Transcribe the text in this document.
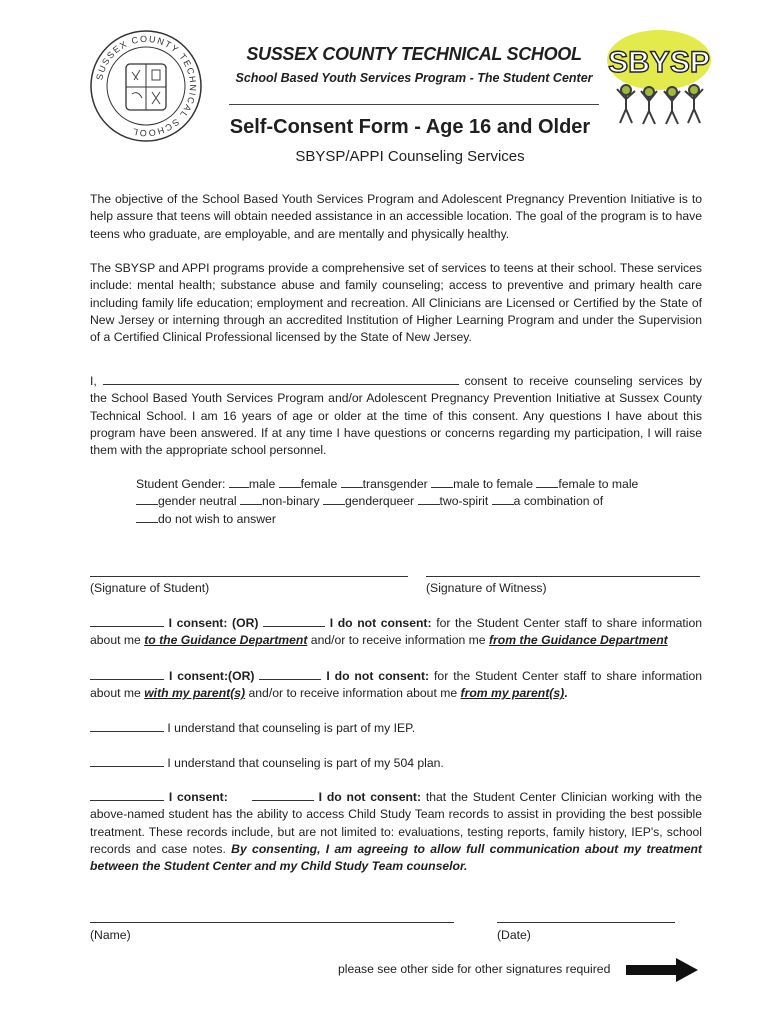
SUSSEX COUNTY TECHNICAL SCHOOL
SBYSP
SUSSEX COUNTY TECHNICAL SCHOOL
School Based Youth Services Program - The Student Center
Self-Consent Form - Age 16 and Older
SBYSP/APPI Counseling Services
The objective of the School Based Youth Services Program and Adolescent Pregnancy Prevention Initiative is to help assure that teens will obtain needed assistance in an accessible location. The goal of the program is to have teens who graduate, are employable, and are mentally and physically healthy.
The SBYSP and APPI programs provide a comprehensive set of services to teens at their school. These services include: mental health; substance abuse and family counseling; access to preventive and primary health care including family life education; employment and recreation. All Clinicians are Licensed or Certified by the State of New Jersey or interning through an accredited Institution of Higher Learning Program and under the Supervision of a Certified Clinical Professional licensed by the State of New Jersey.
I,	consent to receive counseling services by the School Based Youth Services Program and/or Adolescent Pregnancy Prevention Initiative at Sussex County Technical School. I am 16 years of age or older at the time of this consent. Any questions I have about this program have been answered. If at any time I have questions or concerns regarding my participation, I will raise them with the appropriate school personnel.
Student Gender: male female transgender male to female female to male
gender neutral non-binary genderqueer two-spirit a combination of
do not wish to answer
(Signature of Student)	(Signature of Witness)
I consent: (OR)	I do not consent: for the Student Center staff to share information about me to the Guidance Department and/or to receive information me from the Guidance Department
I consent:(OR)	I do not consent: for the Student Center staff to share information about me with my parent(s) and/or to receive information about me from my parent(s).
I understand that counseling is part of my IEP.
I understand that counseling is part of my 504 plan.
I consent:	I do not consent: that the Student Center Clinician working with the above-named student has the ability to access Child Study Team records to assist in providing the best possible treatment. These records include, but are not limited to: evaluations, testing reports, family history, IEP's, school records and case notes. By consenting, I am agreeing to allow full communication about my treatment between the Student Center and my Child Study Team counselor.
(Name)	(Date)
please see other side for other signatures required
